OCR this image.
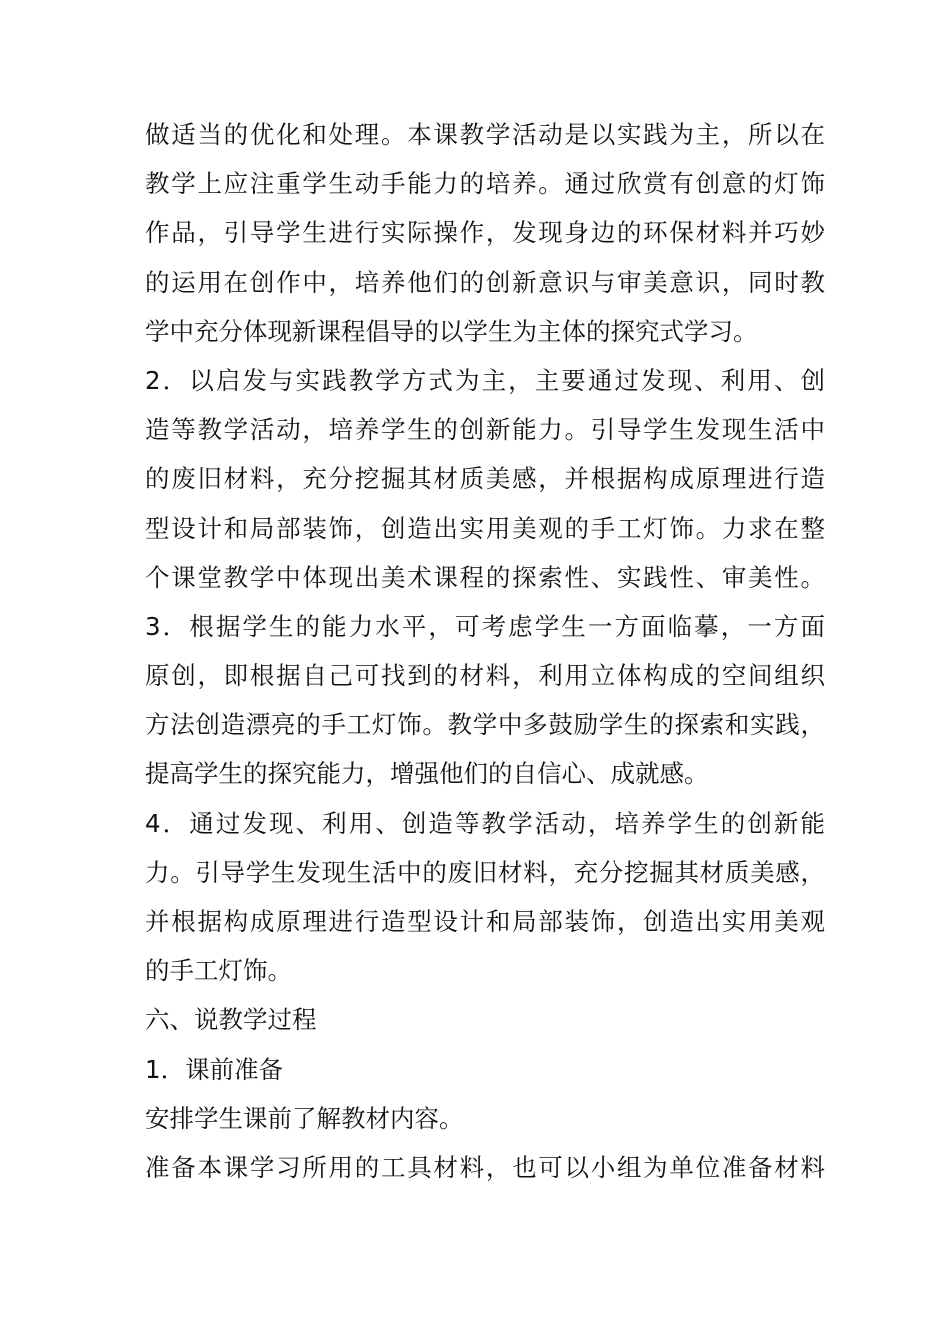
做适当的优化和处理。本课教学活动是以实践为主，所以在
教学上应注重学生动手能力的培养。通过欣赏有创意的灯饰
作品，引导学生进行实际操作，发现身边的环保材料并巧妙
的运用在创作中，培养他们的创新意识与审美意识，同时教
学中充分体现新课程倡导的以学生为主体的探究式学习。
2．以启发与实践教学方式为主，主要通过发现、利用、创
造等教学活动，培养学生的创新能力。引导学生发现生活中
的废旧材料，充分挖掘其材质美感，并根据构成原理进行造
型设计和局部装饰，创造出实用美观的手工灯饰。力求在整
个课堂教学中体现出美术课程的探索性、实践性、审美性。
3．根据学生的能力水平，可考虑学生一方面临摹，一方面
原创，即根据自己可找到的材料，利用立体构成的空间组织
方法创造漂亮的手工灯饰。教学中多鼓励学生的探索和实践，
提高学生的探究能力，增强他们的自信心、成就感。
4．通过发现、利用、创造等教学活动，培养学生的创新能
力。引导学生发现生活中的废旧材料，充分挖掘其材质美感，
并根据构成原理进行造型设计和局部装饰，创造出实用美观
的手工灯饰。
六、说教学过程
1．课前准备
安排学生课前了解教材内容。
准备本课学习所用的工具材料，也可以小组为单位准备材料
